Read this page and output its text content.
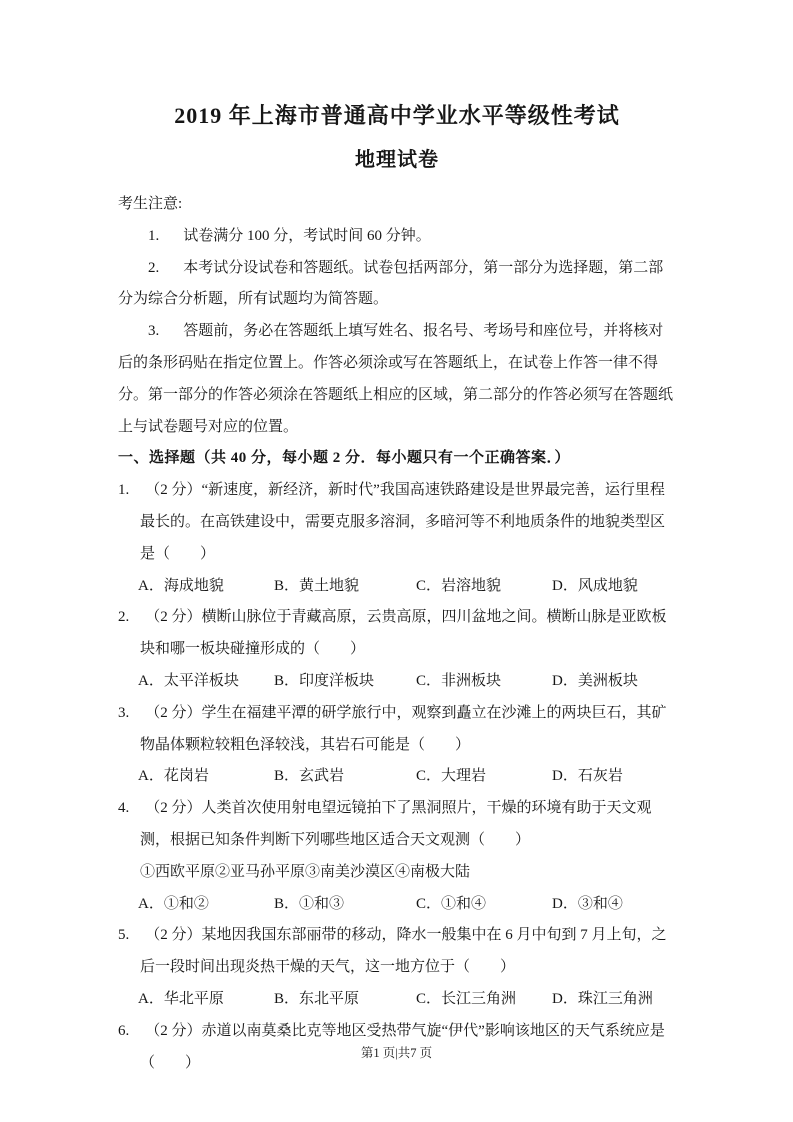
2019 年上海市普通高中学业水平等级性考试
地理试卷
考生注意:
1. 试卷满分 100 分，考试时间 60 分钟。
2. 本考试分设试卷和答题纸。试卷包括两部分，第一部分为选择题，第二部分为综合分析题，所有试题均为简答题。
3. 答题前，务必在答题纸上填写姓名、报名号、考场号和座位号，并将核对后的条形码贴在指定位置上。作答必须涂或写在答题纸上，在试卷上作答一律不得分。第一部分的作答必须涂在答题纸上相应的区域，第二部分的作答必须写在答题纸上与试卷题号对应的位置。
一、选择题（共 40 分，每小题 2 分．每小题只有一个正确答案．）
1. （2 分）“新速度，新经济，新时代”我国高速铁路建设是世界最完善，运行里程最长的。在高铁建设中，需要克服多溶洞，多暗河等不利地质条件的地貌类型区是（　　）
A．海成地貌	B．黄土地貌	C．岩溶地貌	D．风成地貌
2. （2 分）横断山脉位于青藏高原，云贵高原，四川盆地之间。横断山脉是亚欧板块和哪一板块碰撞形成的（　　）
A．太平洋板块 B．印度洋板块	C．非洲板块	D．美洲板块
3. （2 分）学生在福建平潭的研学旅行中，观察到矗立在沙滩上的两块巨石，其矿物晶体颗粒较粗色泽较浅，其岩石可能是（　　）
A．花岗岩	B．玄武岩	C．大理岩	D．石灰岩
4. （2 分）人类首次使用射电望远镜拍下了黑洞照片，干燥的环境有助于天文观测，根据已知条件判断下列哪些地区适合天文观测（　　）
①西欧平原②亚马孙平原③南美沙漠区④南极大陆
A．①和②	B．①和③	C．①和④	D．③和④
5. （2 分）某地因我国东部丽带的移动，降水一般集中在 6 月中旬到 7 月上旬，之后一段时间出现炎热干燥的天气，这一地方位于（　　）
A．华北平原	B．东北平原	C．长江三角洲 D．珠江三角洲
6. （2 分）赤道以南莫桑比克等地区受热带气旋“伊代”影响该地区的天气系统应是（　　）
第1 页|共7 页
